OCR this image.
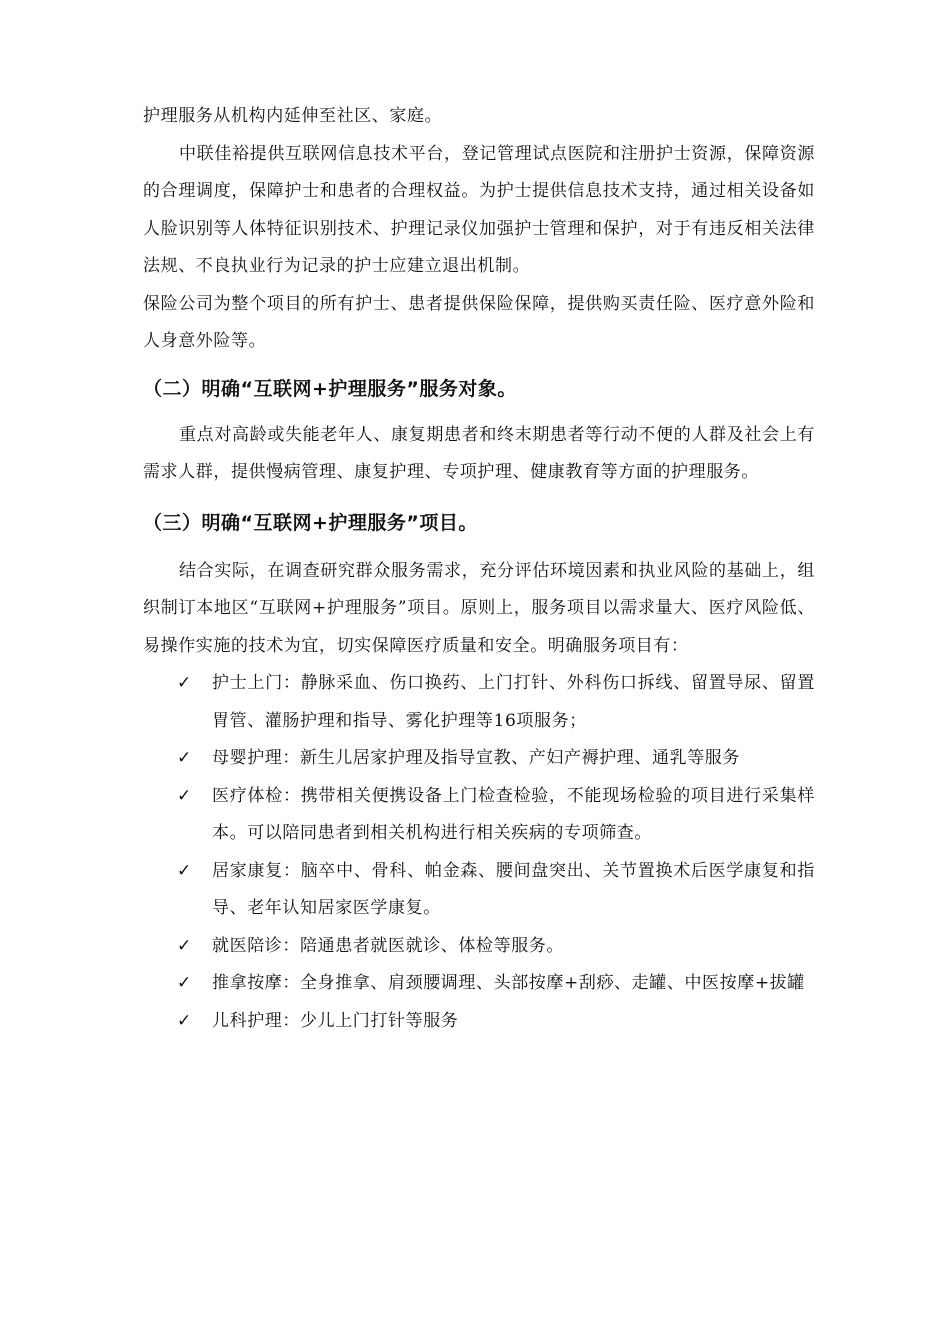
护理服务从机构内延伸至社区、家庭。

中联佳裕提供互联网信息技术平台，登记管理试点医院和注册护士资源，保障资源的合理调度，保障护士和患者的合理权益。为护士提供信息技术支持，通过相关设备如人脸识别等人体特征识别技术、护理记录仪加强护士管理和保护，对于有违反相关法律法规、不良执业行为记录的护士应建立退出机制。

保险公司为整个项目的所有护士、患者提供保险保障，提供购买责任险、医疗意外险和人身意外险等。

（二）明确“互联网+护理服务”服务对象。

重点对高龄或失能老年人、康复期患者和终末期患者等行动不便的人群及社会上有需求人群，提供慢病管理、康复护理、专项护理、健康教育等方面的护理服务。

（三）明确“互联网+护理服务”项目。

结合实际，在调查研究群众服务需求，充分评估环境因素和执业风险的基础上，组织制订本地区“互联网+护理服务”项目。原则上，服务项目以需求量大、医疗风险低、易操作实施的技术为宜，切实保障医疗质量和安全。明确服务项目有：

✓ 护士上门：静脉采血、伤口换药、上门打针、外科伤口拆线、留置导尿、留置胃管、灌肠护理和指导、雾化护理等16项服务；
✓ 母婴护理：新生儿居家护理及指导宣教、产妇产褥护理、通乳等服务
✓ 医疗体检：携带相关便携设备上门检查检验，不能现场检验的项目进行采集样本。可以陪同患者到相关机构进行相关疾病的专项筛查。
✓ 居家康复：脑卒中、骨科、帕金森、腰间盘突出、关节置换术后医学康复和指导、老年认知居家医学康复。
✓ 就医陪诊：陪通患者就医就诊、体检等服务。
✓ 推拿按摩：全身推拿、肩颈腰调理、头部按摩+刮痧、走罐、中医按摩+拔罐
✓ 儿科护理：少儿上门打针等服务
